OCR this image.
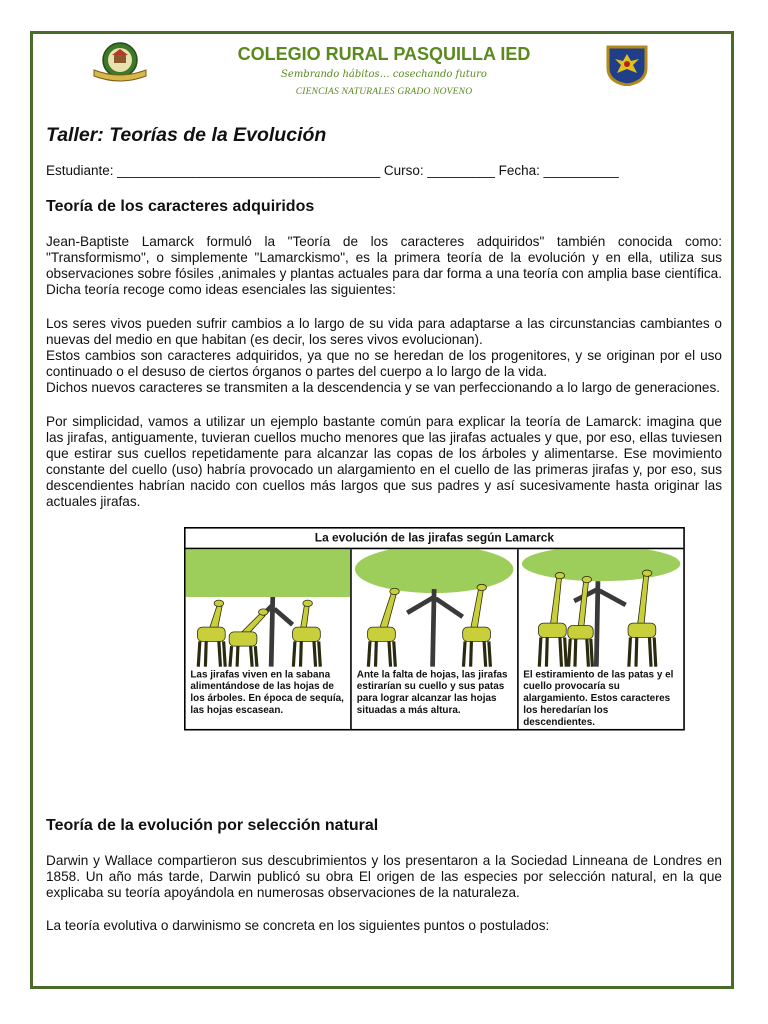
COLEGIO RURAL PASQUILLA IED
Sembrando hábitos… cosechando futuro
CIENCIAS NATURALES GRADO NOVENO
Taller: Teorías de la Evolución
Estudiante: ___________________________________ Curso: _________ Fecha: __________
Teoría de los caracteres adquiridos

Jean-Baptiste Lamarck formuló la "Teoría de los caracteres adquiridos" también conocida como: "Transformismo", o simplemente "Lamarckismo", es la primera teoría de la evolución y en ella, utiliza sus observaciones sobre fósiles ,animales y plantas actuales para dar forma a una teoría con amplia base científica. Dicha teoría recoge como ideas esenciales las siguientes:

Los seres vivos pueden sufrir cambios a lo largo de su vida para adaptarse a las circunstancias cambiantes o nuevas del medio en que habitan (es decir, los seres vivos evolucionan).

Estos cambios son caracteres adquiridos, ya que no se heredan de los progenitores, y se originan por el uso continuado o el desuso de ciertos órganos o partes del cuerpo a lo largo de la vida.

Dichos nuevos caracteres se transmiten a la descendencia y se van perfeccionando a lo largo de generaciones.

Por simplicidad, vamos a utilizar un ejemplo bastante común para explicar la teoría de Lamarck: imagina que las jirafas, antiguamente, tuvieran cuellos mucho menores que las jirafas actuales y que, por eso, ellas tuviesen que estirar sus cuellos repetidamente para alcanzar las copas de los árboles y alimentarse. Ese movimiento constante del cuello (uso) habría provocado un alargamiento en el cuello de las primeras jirafas y, por eso, sus descendientes habrían nacido con cuellos más largos que sus padres y así sucesivamente hasta originar las actuales jirafas.

La evolución de las jirafas según Lamarck
Las jirafas viven en la sabana alimentándose de las hojas de los árboles. En época de sequía, las hojas escasean.
Ante la falta de hojas, las jirafas estirarían su cuello y sus patas para lograr alcanzar las hojas situadas a más altura.
El estiramiento de las patas y el cuello provocaría su alargamiento. Estos caracteres los heredarían los descendientes.
Teoría de la evolución por selección natural

Darwin y Wallace compartieron sus descubrimientos y los presentaron a la Sociedad Linneana de Londres en 1858. Un año más tarde, Darwin publicó su obra El origen de las especies por selección natural, en la que explicaba su teoría apoyándola en numerosas observaciones de la naturaleza.

La teoría evolutiva o darwinismo se concreta en los siguientes puntos o postulados:
